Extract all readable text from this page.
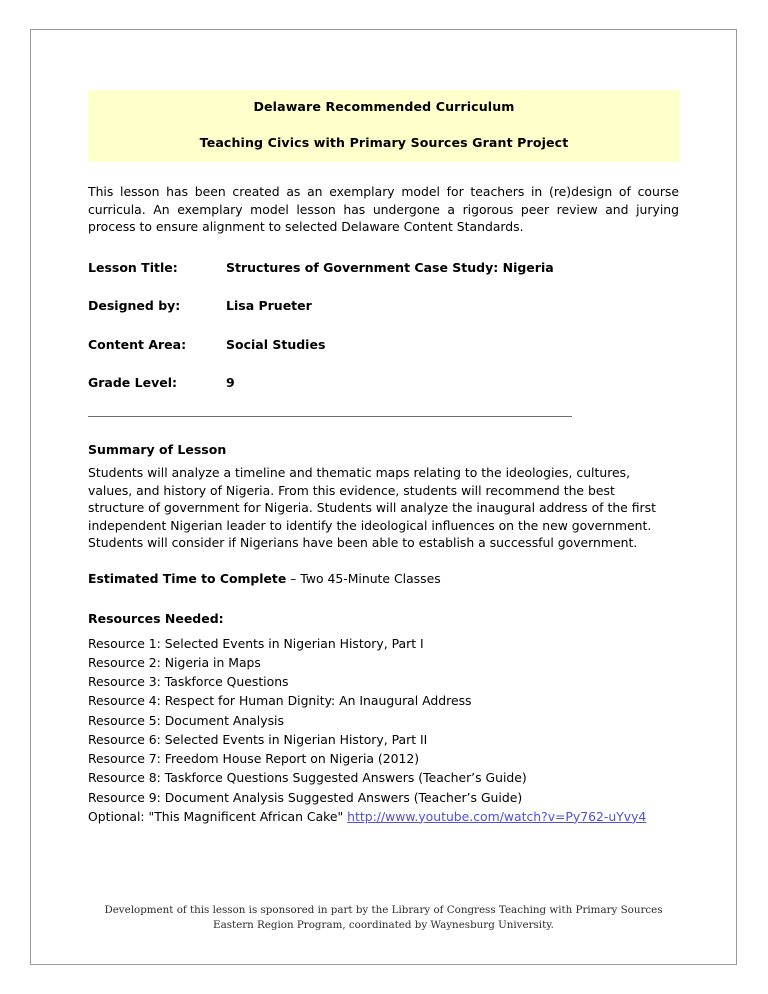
Delaware Recommended Curriculum
Teaching Civics with Primary Sources Grant Project
This lesson has been created as an exemplary model for teachers in (re)design of course curricula. An exemplary model lesson has undergone a rigorous peer review and jurying process to ensure alignment to selected Delaware Content Standards.
Lesson Title:	Structures of Government Case Study: Nigeria
Designed by:	Lisa Prueter
Content Area:	Social Studies
Grade Level:	9
Summary of Lesson
Students will analyze a timeline and thematic maps relating to the ideologies, cultures, values, and history of Nigeria. From this evidence, students will recommend the best structure of government for Nigeria. Students will analyze the inaugural address of the first independent Nigerian leader to identify the ideological influences on the new government. Students will consider if Nigerians have been able to establish a successful government.
Estimated Time to Complete – Two 45-Minute Classes
Resources Needed:
Resource 1: Selected Events in Nigerian History, Part I
Resource 2: Nigeria in Maps
Resource 3: Taskforce Questions
Resource 4: Respect for Human Dignity: An Inaugural Address
Resource 5: Document Analysis
Resource 6: Selected Events in Nigerian History, Part II
Resource 7: Freedom House Report on Nigeria (2012)
Resource 8: Taskforce Questions Suggested Answers (Teacher’s Guide)
Resource 9: Document Analysis Suggested Answers (Teacher’s Guide)
Optional: "This Magnificent African Cake" http://www.youtube.com/watch?v=Py762-uYvy4
Development of this lesson is sponsored in part by the Library of Congress Teaching with Primary Sources
Eastern Region Program, coordinated by Waynesburg University.
